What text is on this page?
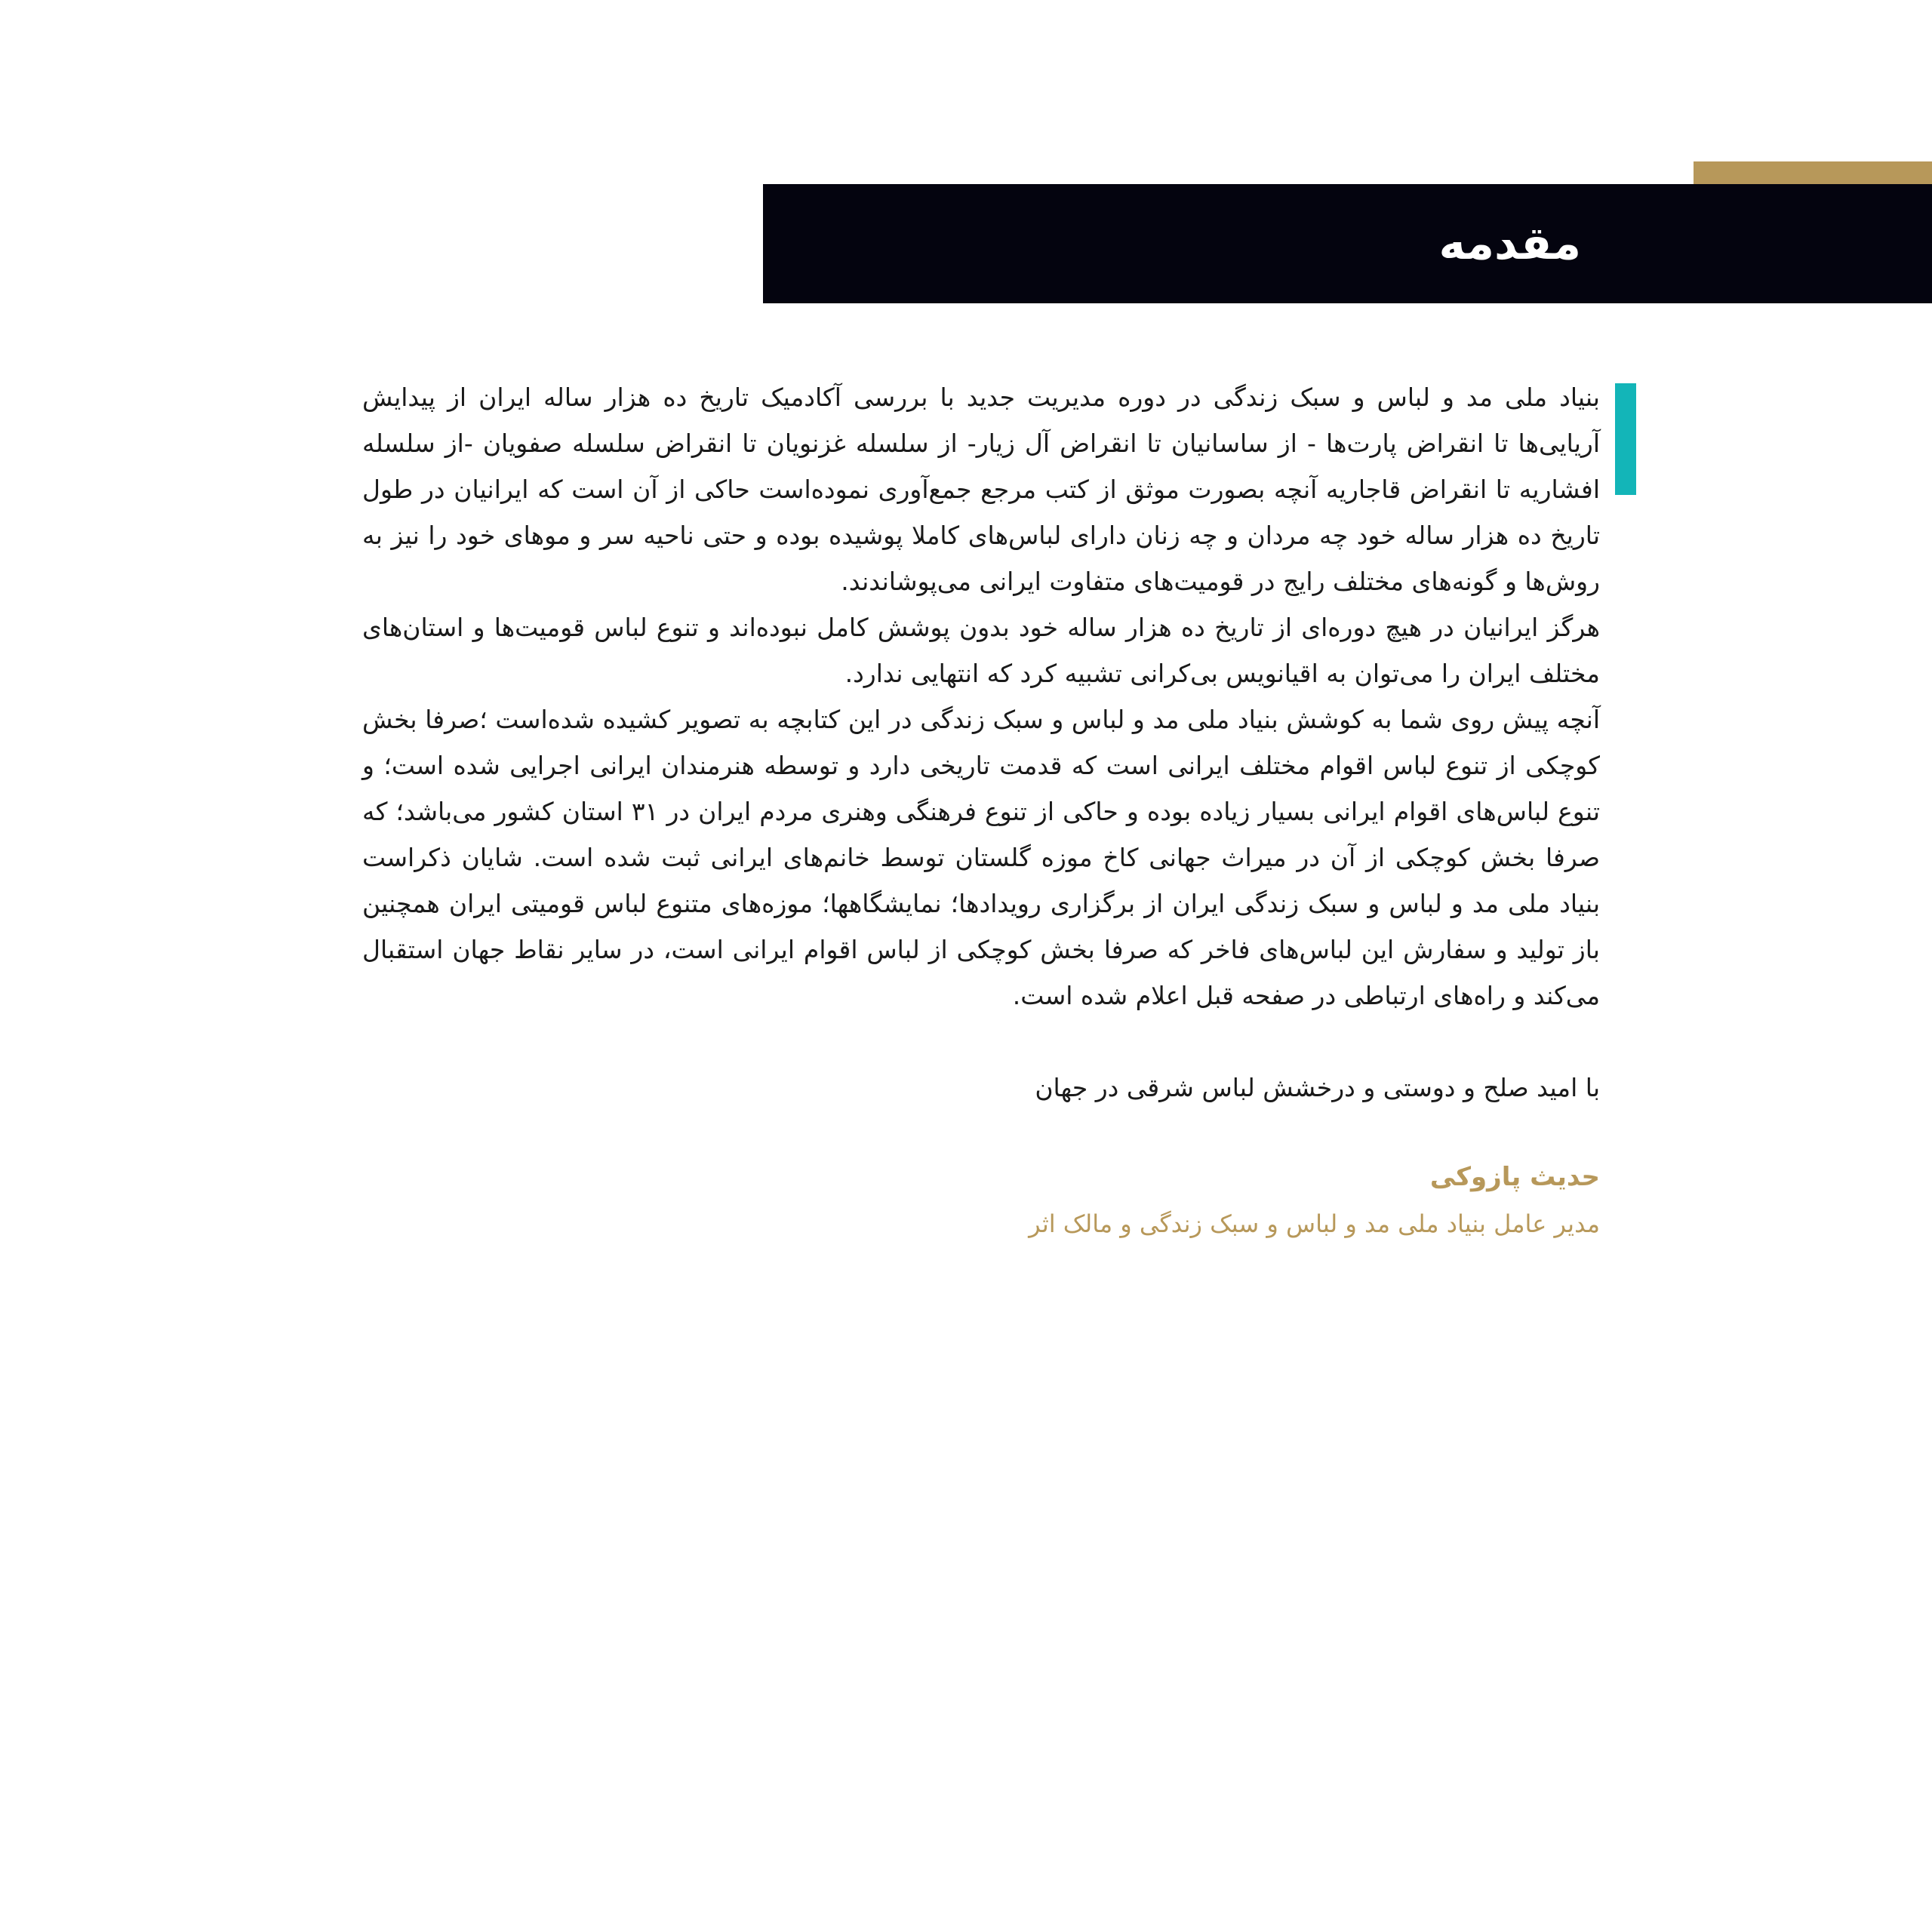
مقدمه

بنیاد ملی مد و لباس و سبک زندگی در دوره مدیریت جدید با بررسی آکادمیک تاریخ ده هزار ساله ایران از پیدایش آریایی‌ها تا انقراض پارت‌ها - از ساسانیان تا انقراض آل زیار- از سلسله غزنویان تا انقراض سلسله صفویان -از سلسله افشاریه تا انقراض قاجاریه آنچه بصورت موثق از کتب مرجع جمع‌آوری نموده‌است حاکی از آن است که ایرانیان در طول تاریخ ده هزار ساله خود چه مردان و چه زنان دارای لباس‌های کاملا پوشیده بوده و حتی ناحیه سر و موهای خود را نیز به روش‌ها و گونه‌های مختلف رایج در قومیت‌های متفاوت ایرانی می‌پوشاندند.

هرگز ایرانیان در هیچ دوره‌ای از تاریخ ده هزار ساله خود بدون پوشش کامل نبوده‌اند و تنوع لباس قومیت‌ها و استان‌های مختلف ایران را می‌توان به اقیانویس بی‌کرانی تشبیه کرد که انتهایی ندارد.

آنچه پیش روی شما به کوشش بنیاد ملی مد و لباس و سبک زندگی در این کتابچه به تصویر کشیده شده‌است ؛صرفا بخش کوچکی از تنوع لباس اقوام مختلف ایرانی است که قدمت تاریخی دارد و توسطه هنرمندان ایرانی اجرایی شده است؛ و تنوع لباس‌های اقوام ایرانی بسیار زیاده بوده و حاکی از تنوع فرهنگی وهنری مردم ایران در ۳۱ استان کشور می‌باشد؛ که صرفا بخش کوچکی از آن در میراث جهانی کاخ موزه گلستان توسط خانم‌های ایرانی ثبت شده است. شایان ذکراست بنیاد ملی مد و لباس و سبک زندگی ایران از برگزاری رویدادها؛ نمایشگاهها؛ موزه‌های متنوع لباس قومیتی ایران همچنین باز تولید و سفارش این لباس‌های فاخر که صرفا بخش کوچکی از لباس اقوام ایرانی است، در سایر نقاط جهان استقبال می‌کند و راه‌های ارتباطی در صفحه قبل اعلام شده است.

با امید صلح و دوستی و درخشش لباس شرقی در جهان

حدیث پازوکی

مدیر عامل بنیاد ملی مد و لباس و سبک زندگی و مالک اثر
